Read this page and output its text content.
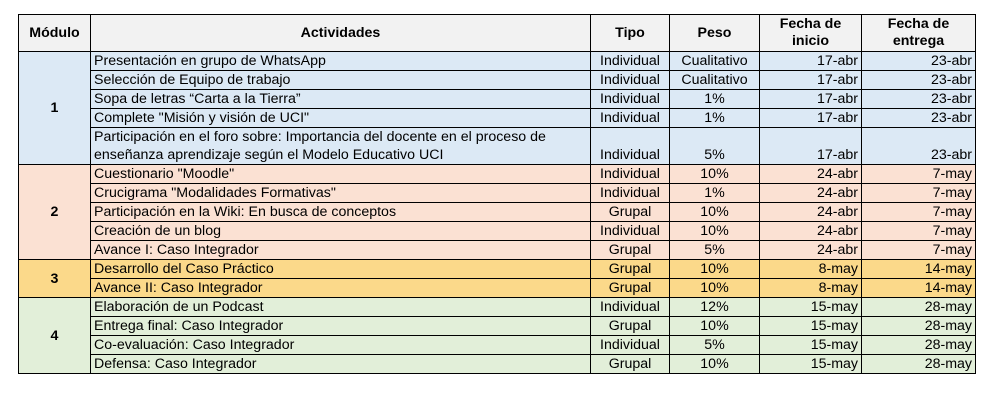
Módulo	Actividades	Tipo	Peso	Fecha de inicio	Fecha de entrega
1	Presentación en grupo de WhatsApp	Individual	Cualitativo	17-abr	23-abr
	Selección de Equipo de trabajo	Individual	Cualitativo	17-abr	23-abr
	Sopa de letras “Carta a la Tierra”	Individual	1%	17-abr	23-abr
	Complete "Misión y visión de UCI"	Individual	1%	17-abr	23-abr
	Participación en el foro sobre: Importancia del docente en el proceso de enseñanza aprendizaje según el Modelo Educativo UCI	Individual	5%	17-abr	23-abr
2	Cuestionario "Moodle"	Individual	10%	24-abr	7-may
	Crucigrama "Modalidades Formativas"	Individual	1%	24-abr	7-may
	Participación en la Wiki: En busca de conceptos	Grupal	10%	24-abr	7-may
	Creación de un blog	Individual	10%	24-abr	7-may
	Avance I: Caso Integrador	Grupal	5%	24-abr	7-may
3	Desarrollo del Caso Práctico	Grupal	10%	8-may	14-may
	Avance II: Caso Integrador	Grupal	10%	8-may	14-may
4	Elaboración de un Podcast	Individual	12%	15-may	28-may
	Entrega final: Caso Integrador	Grupal	10%	15-may	28-may
	Co-evaluación: Caso Integrador	Individual	5%	15-may	28-may
	Defensa: Caso Integrador	Grupal	10%	15-may	28-may
